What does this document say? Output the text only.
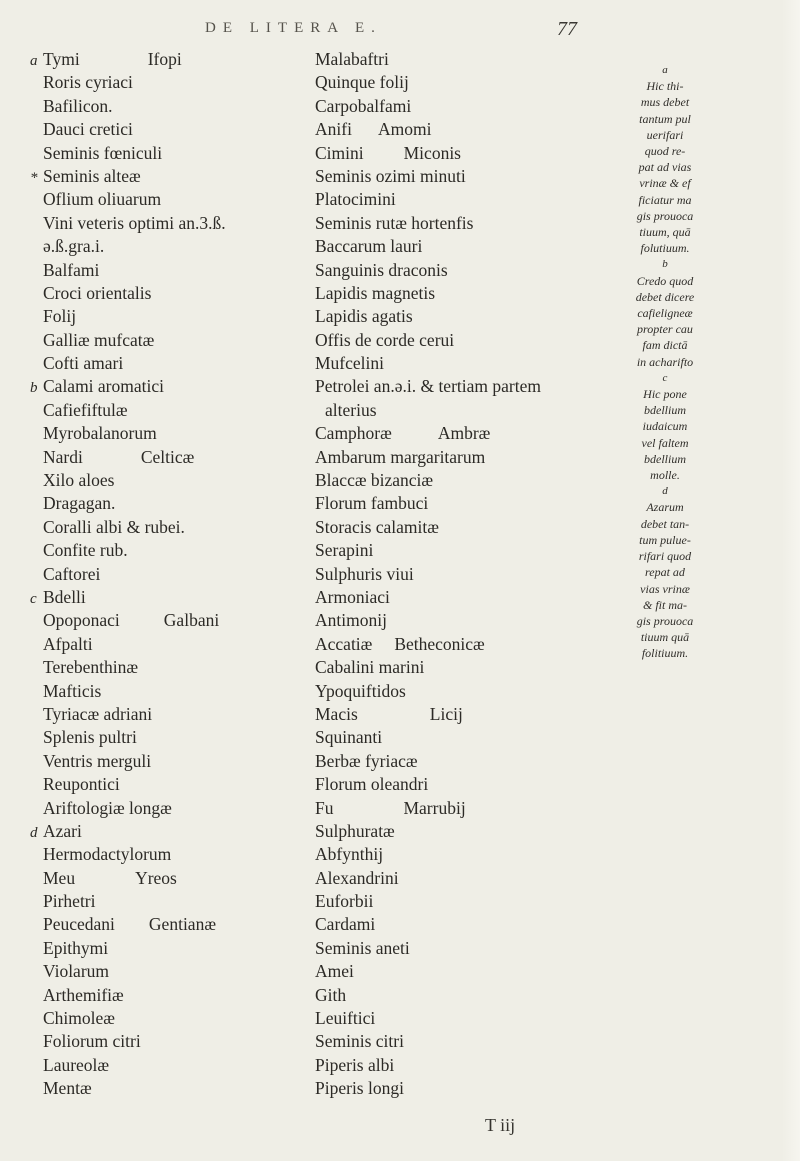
DE LITERA E.	77
a Tymi	Ifopi
Roris cyriaci
Bafilicon.
Dauci cretici
Seminis fœniculi
* Seminis alteæ
Oflium oliuarum
Vini veteris optimi an.3.ß.
ə.ß.gra.i.
Balfami
Croci orientalis
Folij
Galliæ mufcatæ
Cofti amari
b Calami aromatici
Cafiefiftulæ
Myrobalanorum
Nardi	Celticæ
Xilo aloes
Dragagan.
Coralli albi & rubei.
Confite rub.
Caftorei
c Bdelli
Opoponaci	Galbani
Afpalti
Terebenthinæ
Mafticis
Tyriacæ adriani
Splenis pultri
Ventris merguli
Reupontici
Ariftologiæ longæ
d Azari
Hermodactylorum
Meu	Yreos
Pirhetri
Peucedani Gentianæ
Epithymi
Violarum
Arthemifiæ
Chimoleæ
Foliorum citri
Laureolæ
Mentæ
Malabaftri
Quinque folij
Carpobalfami
Anifi Amomi
Cimini Miconis
Seminis ozimi minuti
Platocimini
Seminis rutæ hortenfis
Baccarum lauri
Sanguinis draconis
Lapidis magnetis
Lapidis agatis
Offis de corde cerui
Mufcelini
Petrolei an.ə.i. & tertiam partem
alterius
Camphoræ	Ambræ
Ambarum margaritarum
Blaccæ bizanciæ
Florum fambuci
Storacis calamitæ
Serapini
Sulphuris viui
Armoniaci
Antimonij
Accatiæ Betheconicæ
Cabalini marini
Ypoquiftidos
Macis	Licij
Squinanti
Berbæ fyriacæ
Florum oleandri
Fu	Marrubij
Sulphuratæ
Abfynthij
Alexandrini
Euforbii
Cardami
Seminis aneti
Amei
Gith
Leuiftici
Seminis citri
Piperis albi
Piperis longi
a
Hic thi-
mus debet
tantum pul
uerifari
quod re-
pat ad vias
vrinæ & ef
ficiatur ma
gis prouoca
tiuum, quā
folutiuum.
b
Credo quod
debet dicere
cafieligneæ
propter cau
fam dictā
in acharifto
c
Hic pone
bdellium
iudaicum
vel faltem
bdellium
molle.
d
Azarum
debet tan-
tum pulue-
rifari quod
repat ad
vias vrinæ
& fit ma-
gis prouoca
tiuum quā
folitiuum.
T iij
